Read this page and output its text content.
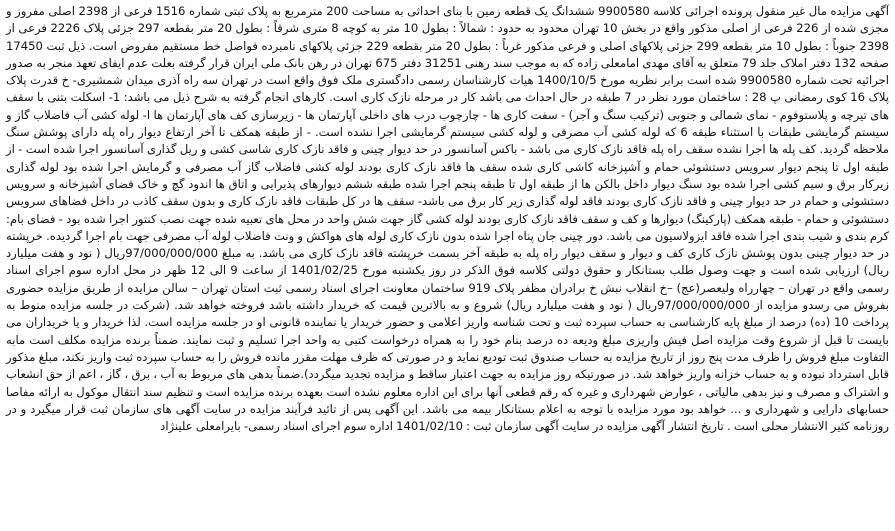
آگهی مزایده مال غیر منقول پرونده اجرائی کلاسه 9900580 ششدانگ یک قطعه زمین با بنای احداثی به مساحت 200 مترمربع به پلاک ثبتی شماره 1516 فرعی از 2398 اصلی مفروز و مجزی شده از 226 فرعی از اصلی مذکور واقع در بخش 10 تهران محدود به حدود : شمالاً : بطول 10 متر به کوچه 8 متری شرقاً : بطول 20 متر بقطعه 297 جزئی پلاک 2226 فرعی از 2398 جنوباً : بطول 10 متر بقطعه 299 جزئی پلاکهای اصلی و فرعی مذکور غرباً : بطول 20 متر بقطعه 229 جزئی پلاکهای نامبرده فواصل خط مستقیم مفروض است. ذیل ثبت 17450 صفحه 132 دفتر املاک جلد 79 متعلق به آقای مهدی امامعلی زاده که به موجب سند رهنی 31251 دفتر 675 تهران در رهن بانک ملی ایران قرار گرفته بعلت عدم ایفای تعهد منجر به صدور اجرائیه تحت شماره 9900580 شده است برابر نظریه مورخ 1400/10/5 هیات کارشناسان رسمی دادگستری ملک فوق واقع است در تهران سه راه آذری میدان شمشیری- خ قدرت پلاک پلاک 16 کوی رمضانی پ 28 : ساختمان مورد نظر در 7 طبقه در حال احداث می باشد کار در مرحله نازک کاری است. کارهای انجام گرفته به شرح ذیل می باشد: 1- اسکلت بتنی با سقف های تیرچه و پلاستوفوم - نمای شمالی و جنوبی (ترکیب سنگ و آجر) - سفت کاری ها - چارچوب درب های داخلی آپارتمان ها - زیرسازی کف های آپارتمان ها ا- لوله کشی آب فاضلاب گاز و سیستم گرمایشی طبقات با استثناء طبقه 6 که لوله کشی آب مصرفی و لوله کشی سیستم گرمایشی اجرا نشده است. - از طبقه همکف تا آخر ارتفاع دیوار راه پله دارای پوشش سنگ ملاحظه گردید. کف پله ها اجرا نشده سقف راه پله فاقد نازک کاری می باشد - باکس آسانسور در حد دیوار چینی و فاقد نازک کاری شاسی کشی و ریل گذاری آسانسور اجرا شده است - از طبقه اول تا پنجم دیوار سرویس دستشوئی حمام و آشپزخانه کاشی کاری شده سقف ها فاقد نازک کاری بودند لوله کشی فاضلاب گاز آب مصرفی و گرمایش اجرا شده بود لوله گذاری زیرکار برق و سیم کشی اجرا شده بود سنگ دیوار داخل بالکن ها از طبقه اول تا طبقه پنجم اجرا شده طبقه ششم دیوارهای پذیرایی و اتاق ها اندود گچ و خاک فضای آشپزخانه و سرویس دستشوئی و حمام در حد دیوار چینی و فاقد نازک کاری بودند فاقد لوله گذاری زیر کار برق می باشد- سقف ها در کل طبقات فاقد نازک کاری و بدون سقف کاذب در داخل فضاهای سرویس دستشوئی و حمام - طبقه همکف (پارکینگ) دیوارها و کف و سقف فاقد نازک کاری بودند لوله کشی گاز جهت شش واحد در محل های تعبیه شده جهت نصب کنتور اجرا شده بود - فضای بام: کرم بندی و شیب بندی اجرا شده فاقد ایزولاسیون می باشد. دور چینی جان پناه اجرا شده بدون نازک کاری لوله های هواکش و ونت فاضلاب لوله آب مصرفی جهت بام اجرا گردیده. خرپشته در حد دیوار چینی بدون پوشش نازک کاری کف و دیوار و سقف دیوار راه پله به طبقه آخر بسمت خرپشته فاقد نازک کاری می باشد. به مبلغ 97/000/000/000ریال ( نود و هفت میلیارد ریال) ارزیابی شده است و جهت وصول طلب بستانکار و حقوق دولتی کلاسه فوق الذکر در روز یکشنبه مورخ 1401/02/25 از ساعت 9 الی 12 ظهر در محل اداره سوم اجرای اسناد رسمی واقع در تهران – چهارراه ولیعصر(عج) –خ انقلاب نبش خ برادران مظفر پلاک 919 ساختمان معاونت اجرای اسناد رسمی ثبت استان تهران – سالن مزایده از طریق مزایده حضوری بفروش می رسدو مزایده از 97/000/000/000ریال ( نود و هفت میلیارد ریال) شروع و به بالاترین قیمت که خریدار داشته باشد فروخته خواهد شد. (شرکت در جلسه مزایده منوط به پرداخت 10 (ده) درصد از مبلغ پایه کارشناسی به حساب سپرده ثبت و تحت شناسه واریز اعلامی و حضور خریدار یا نماینده قانونی او در جلسه مزایده است. لذا خریدار و یا خریداران می بایست تا قبل از شروع وقت مزایده اصل فیش واریزی مبلغ ودیعه ده درصد بنام خود را به همراه درخواست کتبی به واحد اجرا تسلیم و ثبت نمایند. ضمناً برنده مزایده مکلف است مابه التفاوت مبلغ فروش را ظرف مدت پنج روز از تاریخ مزایده به حساب صندوق ثبت تودیع نماید و در صورتی که ظرف مهلت مقرر مانده فروش را به حساب سپرده ثبت واریز نکند، مبلغ مذکور قابل استرداد نبوده و به حساب خزانه واریز خواهد شد. در صورتیکه روز مزایده به جهت اعتبار ساقط و مزایده تجدید میگردد).ضمناً بدهی های مربوط به آب ، برق ، گاز ، اعم از حق انشعاب و اشتراک و مصرف و نیز بدهی مالیاتی ، عوارض شهرداری و غیره که رقم قطعی آنها برای این اداره معلوم نشده است بعهده برنده مزایده است و تنظیم سند انتقال موکول به ارائه مفاصا حسابهای دارایی و شهرداری و ... خواهد بود مورد مزایده با توجه به اعلام بستانکار بیمه می باشد. این آگهی پس از تائید فرآیند مزایده در سایت آگهی های سازمان ثبت قرار میگیرد و در روزنامه کثیر الانتشار محلی است . تاریخ انتشار آگهی مزایده در سایت آگهی سازمان ثبت : 1401/02/10 اداره سوم اجرای اسناد رسمی- بایرامعلی علینژاد
